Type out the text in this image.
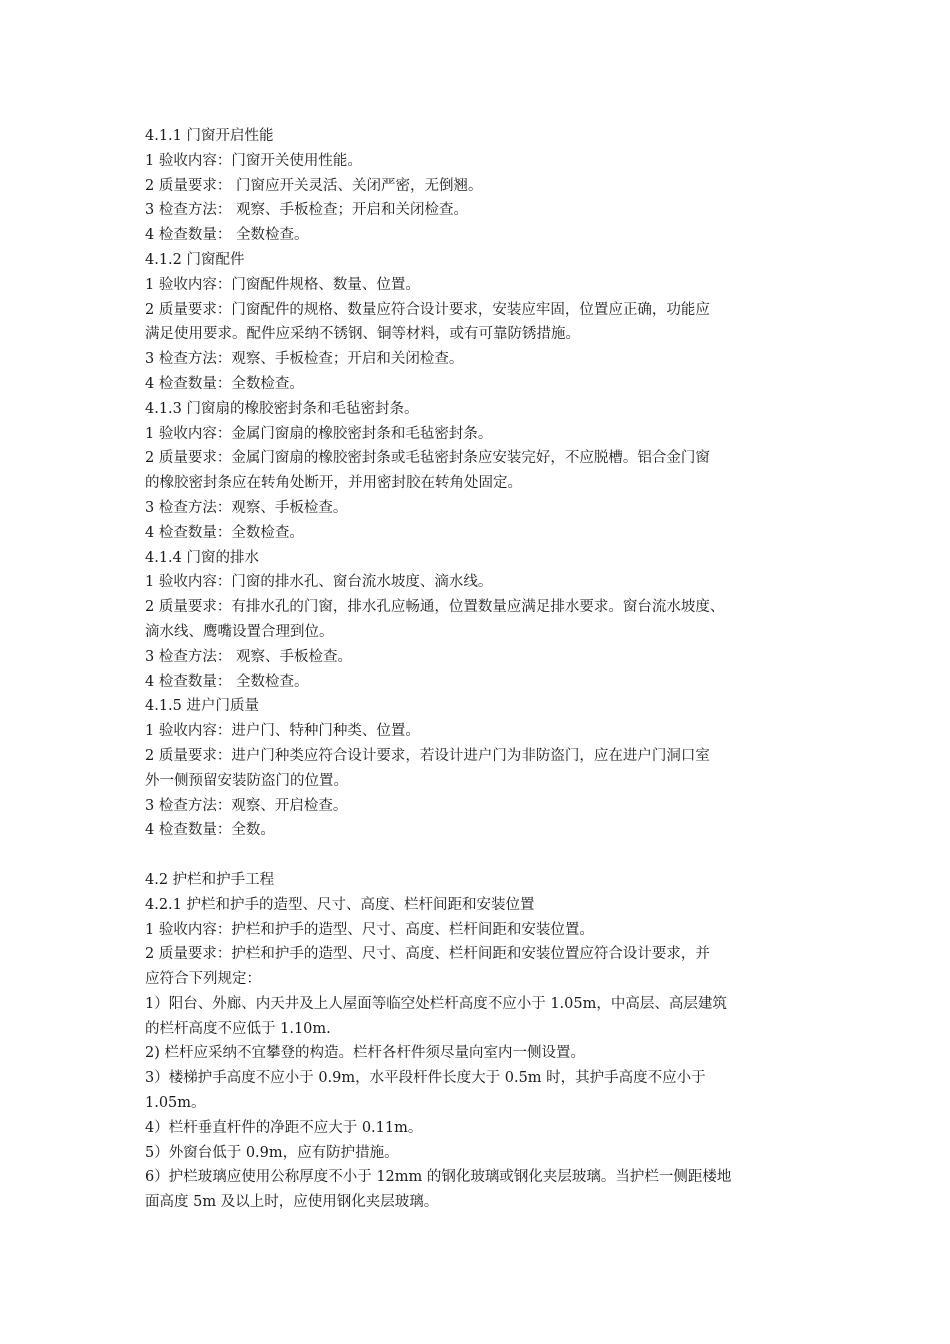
4.1.1 门窗开启性能
1 验收内容：门窗开关使用性能。
2 质量要求： 门窗应开关灵活、关闭严密，无倒翘。
3 检查方法： 观察、手板检查；开启和关闭检查。
4 检查数量： 全数检查。
4.1.2 门窗配件
1 验收内容：门窗配件规格、数量、位置。
2 质量要求：门窗配件的规格、数量应符合设计要求，安装应牢固，位置应正确，功能应
满足使用要求。配件应采纳不锈钢、铜等材料，或有可靠防锈措施。
3 检查方法：观察、手板检查；开启和关闭检查。
4 检查数量：全数检查。
4.1.3 门窗扇的橡胶密封条和毛毡密封条。
1 验收内容：金属门窗扇的橡胶密封条和毛毡密封条。
2 质量要求：金属门窗扇的橡胶密封条或毛毡密封条应安装完好，不应脱槽。铝合金门窗
的橡胶密封条应在转角处断开，并用密封胶在转角处固定。
3 检查方法：观察、手板检查。
4 检查数量：全数检查。
4.1.4 门窗的排水
1 验收内容：门窗的排水孔、窗台流水坡度、滴水线。
2 质量要求：有排水孔的门窗，排水孔应畅通，位置数量应满足排水要求。窗台流水坡度、
滴水线、鹰嘴设置合理到位。
3 检查方法： 观察、手板检查。
4 检查数量： 全数检查。
4.1.5 进户门质量
1 验收内容：进户门、特种门种类、位置。
2 质量要求：进户门种类应符合设计要求，若设计进户门为非防盗门，应在进户门洞口室
外一侧预留安装防盗门的位置。
3 检查方法：观察、开启检查。
4 检查数量：全数。
4.2 护栏和护手工程
4.2.1 护栏和护手的造型、尺寸、高度、栏杆间距和安装位置
1 验收内容：护栏和护手的造型、尺寸、高度、栏杆间距和安装位置。
2 质量要求：护栏和护手的造型、尺寸、高度、栏杆间距和安装位置应符合设计要求，并
应符合下列规定：
1）阳台、外廊、内天井及上人屋面等临空处栏杆高度不应小于 1.05m，中高层、高层建筑
的栏杆高度不应低于 1.10m.
2) 栏杆应采纳不宜攀登的构造。栏杆各杆件须尽量向室内一侧设置。
3）楼梯护手高度不应小于 0.9m，水平段杆件长度大于 0.5m 时，其护手高度不应小于
1.05m。
4）栏杆垂直杆件的净距不应大于 0.11m。
5）外窗台低于 0.9m，应有防护措施。
6）护栏玻璃应使用公称厚度不小于 12mm 的钢化玻璃或钢化夹层玻璃。当护栏一侧距楼地
面高度 5m 及以上时，应使用钢化夹层玻璃。
